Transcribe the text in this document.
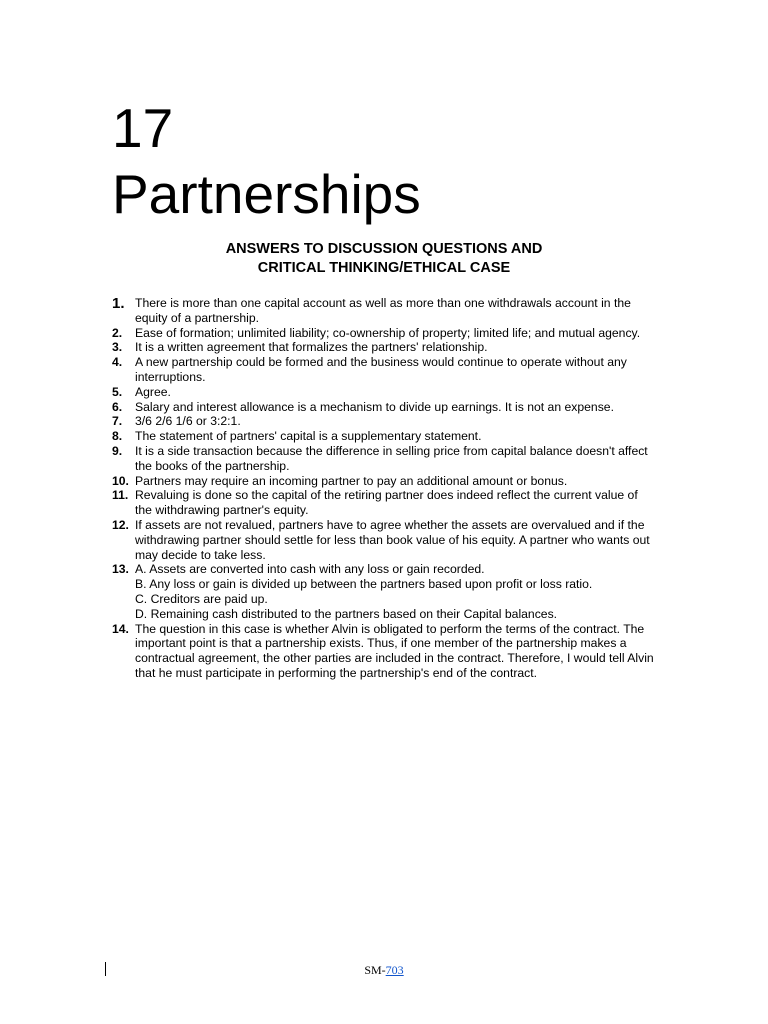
17
Partnerships
ANSWERS TO DISCUSSION QUESTIONS AND
CRITICAL THINKING/ETHICAL CASE
1. There is more than one capital account as well as more than one withdrawals account in the equity of a partnership.
2.	Ease of formation; unlimited liability; co-ownership of property; limited life; and mutual agency.
3.	It is a written agreement that formalizes the partners' relationship.
4.	A new partnership could be formed and the business would continue to operate without any interruptions.
5.	Agree.
6.	Salary and interest allowance is a mechanism to divide up earnings. It is not an expense.
7.	3/6 2/6 1/6 or 3:2:1.
8.	The statement of partners' capital is a supplementary statement.
9.	It is a side transaction because the difference in selling price from capital balance doesn't affect the books of the partnership.
10. Partners may require an incoming partner to pay an additional amount or bonus.
11. Revaluing is done so the capital of the retiring partner does indeed reflect the current value of the withdrawing partner's equity.
12. If assets are not revalued, partners have to agree whether the assets are overvalued and if the withdrawing partner should settle for less than book value of his equity. A partner who wants out may decide to take less.
13. A. Assets are converted into cash with any loss or gain recorded.
B. Any loss or gain is divided up between the partners based upon profit or loss ratio.
C. Creditors are paid up.
D. Remaining cash distributed to the partners based on their Capital balances.
14. The question in this case is whether Alvin is obligated to perform the terms of the contract. The important point is that a partnership exists. Thus, if one member of the partnership makes a contractual agreement, the other parties are included in the contract. Therefore, I would tell Alvin that he must participate in performing the partnership's end of the contract.
SM-703
